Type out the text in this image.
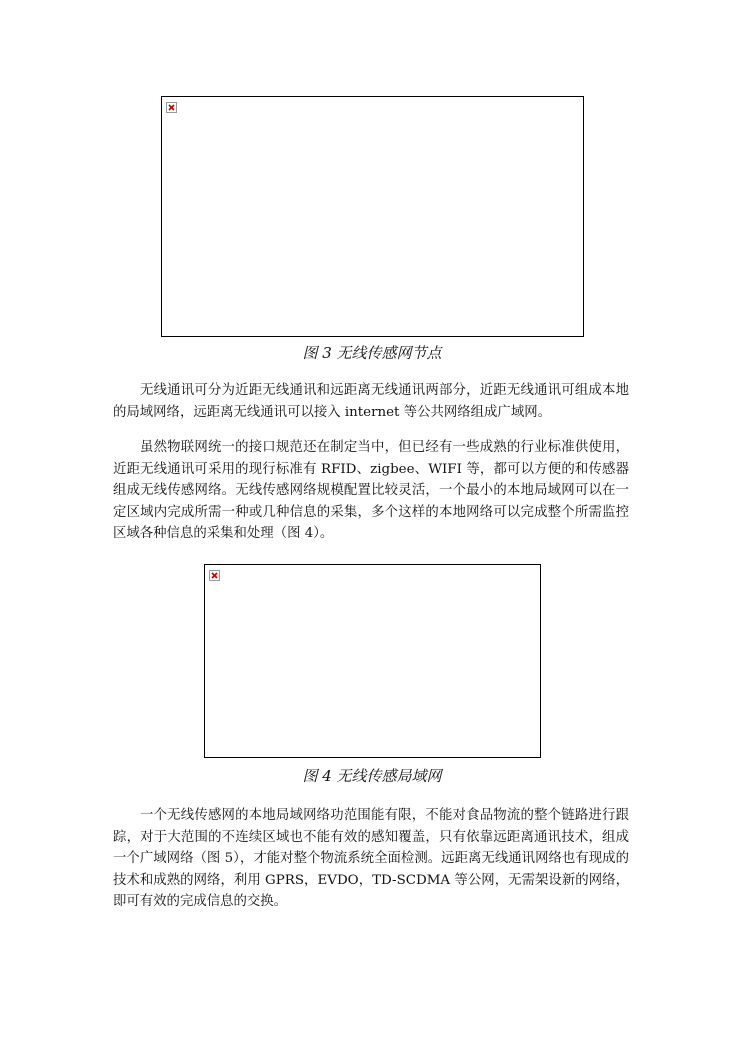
图 3 无线传感网节点

无线通讯可分为近距无线通讯和远距离无线通讯两部分，近距无线通讯可组成本地的局域网络，远距离无线通讯可以接入 internet 等公共网络组成广域网。

虽然物联网统一的接口规范还在制定当中，但已经有一些成熟的行业标准供使用，近距无线通讯可采用的现行标准有 RFID、zigbee、WIFI 等，都可以方便的和传感器组成无线传感网络。无线传感网络规模配置比较灵活，一个最小的本地局域网可以在一定区域内完成所需一种或几种信息的采集，多个这样的本地网络可以完成整个所需监控区域各种信息的采集和处理（图 4）。

图 4 无线传感局域网

一个无线传感网的本地局域网络功范围能有限，不能对食品物流的整个链路进行跟踪，对于大范围的不连续区域也不能有效的感知覆盖，只有依靠远距离通讯技术，组成一个广域网络（图 5），才能对整个物流系统全面检测。远距离无线通讯网络也有现成的技术和成熟的网络，利用 GPRS，EVDO，TD-SCDMA 等公网，无需架设新的网络，即可有效的完成信息的交换。
